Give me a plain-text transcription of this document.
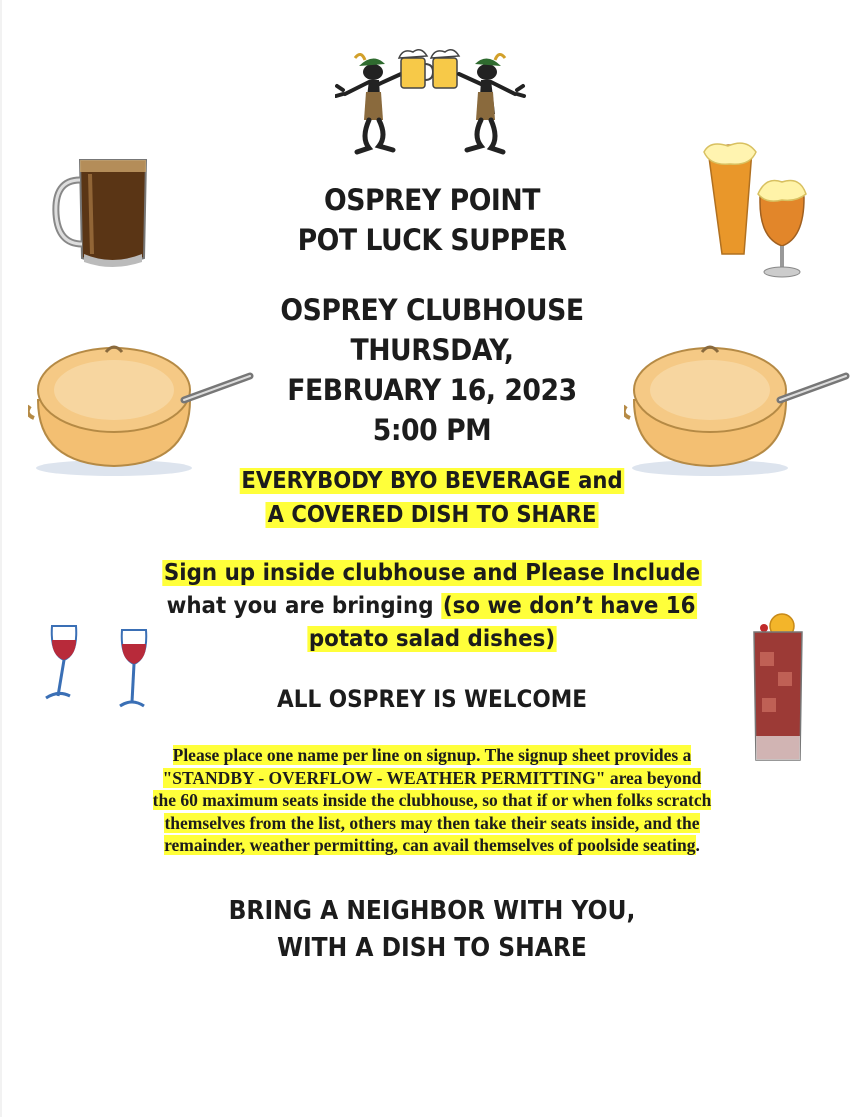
OSPREY POINT
POT LUCK SUPPER
OSPREY CLUBHOUSE
THURSDAY,
FEBRUARY 16, 2023
5:00 PM
EVERYBODY BYO BEVERAGE and
A COVERED DISH TO SHARE
Sign up inside clubhouse and Please Include
what you are bringing (so we don’t have 16
potato salad dishes)
ALL OSPREY IS WELCOME
Please place one name per line on signup. The signup sheet provides a
"STANDBY - OVERFLOW - WEATHER PERMITTING" area beyond
the 60 maximum seats inside the clubhouse, so that if or when folks scratch
themselves from the list, others may then take their seats inside, and the
remainder, weather permitting, can avail themselves of poolside seating.
BRING A NEIGHBOR WITH YOU,
WITH A DISH TO SHARE
